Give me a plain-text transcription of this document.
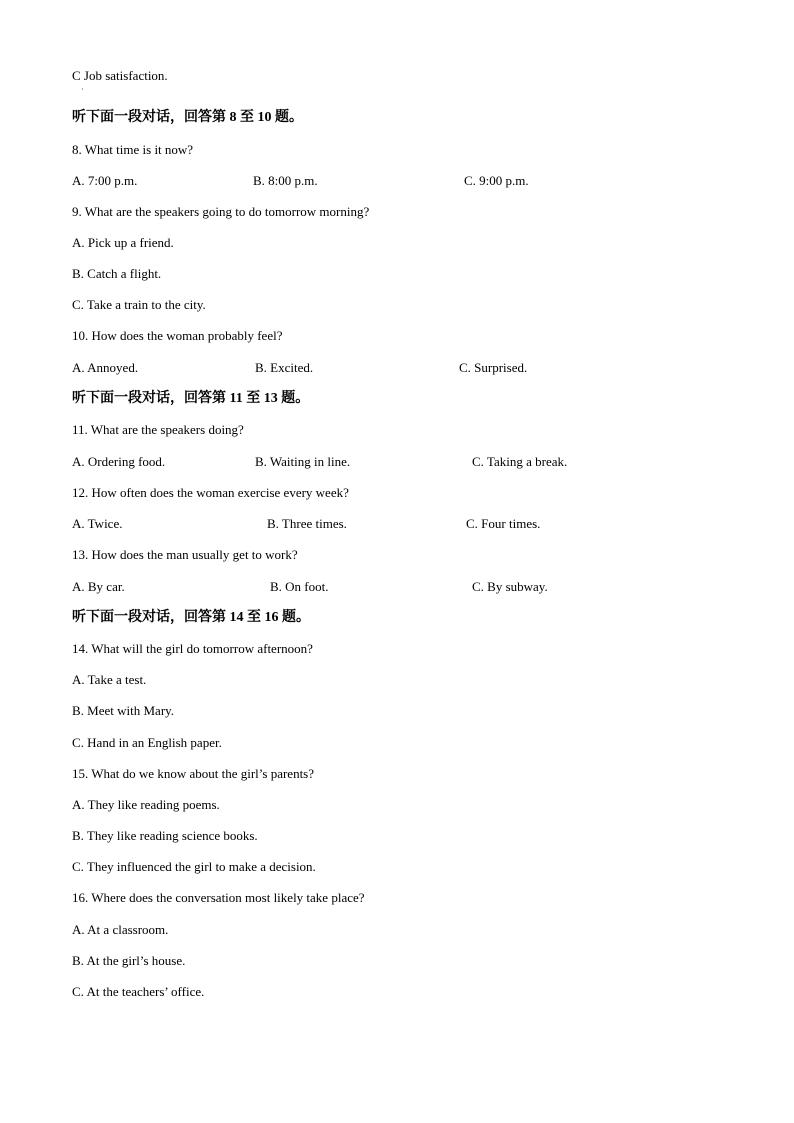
C Job satisfaction.
·
听下面一段对话，回答第 8 至 10 题。
8. What time is it now?
A. 7:00 p.m.	B. 8:00 p.m.	C. 9:00 p.m.
9. What are the speakers going to do tomorrow morning?
A. Pick up a friend.
B. Catch a flight.
C. Take a train to the city.
10. How does the woman probably feel?
A. Annoyed.	B. Excited.	C. Surprised.
听下面一段对话，回答第 11 至 13 题。
11. What are the speakers doing?
A. Ordering food.	B. Waiting in line.	C. Taking a break.
12. How often does the woman exercise every week?
A. Twice.	B. Three times.	C. Four times.
13. How does the man usually get to work?
A. By car.	B. On foot.	C. By subway.
听下面一段对话，回答第 14 至 16 题。
14. What will the girl do tomorrow afternoon?
A. Take a test.
B. Meet with Mary.
C. Hand in an English paper.
15. What do we know about the girl’s parents?
A. They like reading poems.
B. They like reading science books.
C. They influenced the girl to make a decision.
16. Where does the conversation most likely take place?
A. At a classroom.
B. At the girl’s house.
C. At the teachers’ office.
